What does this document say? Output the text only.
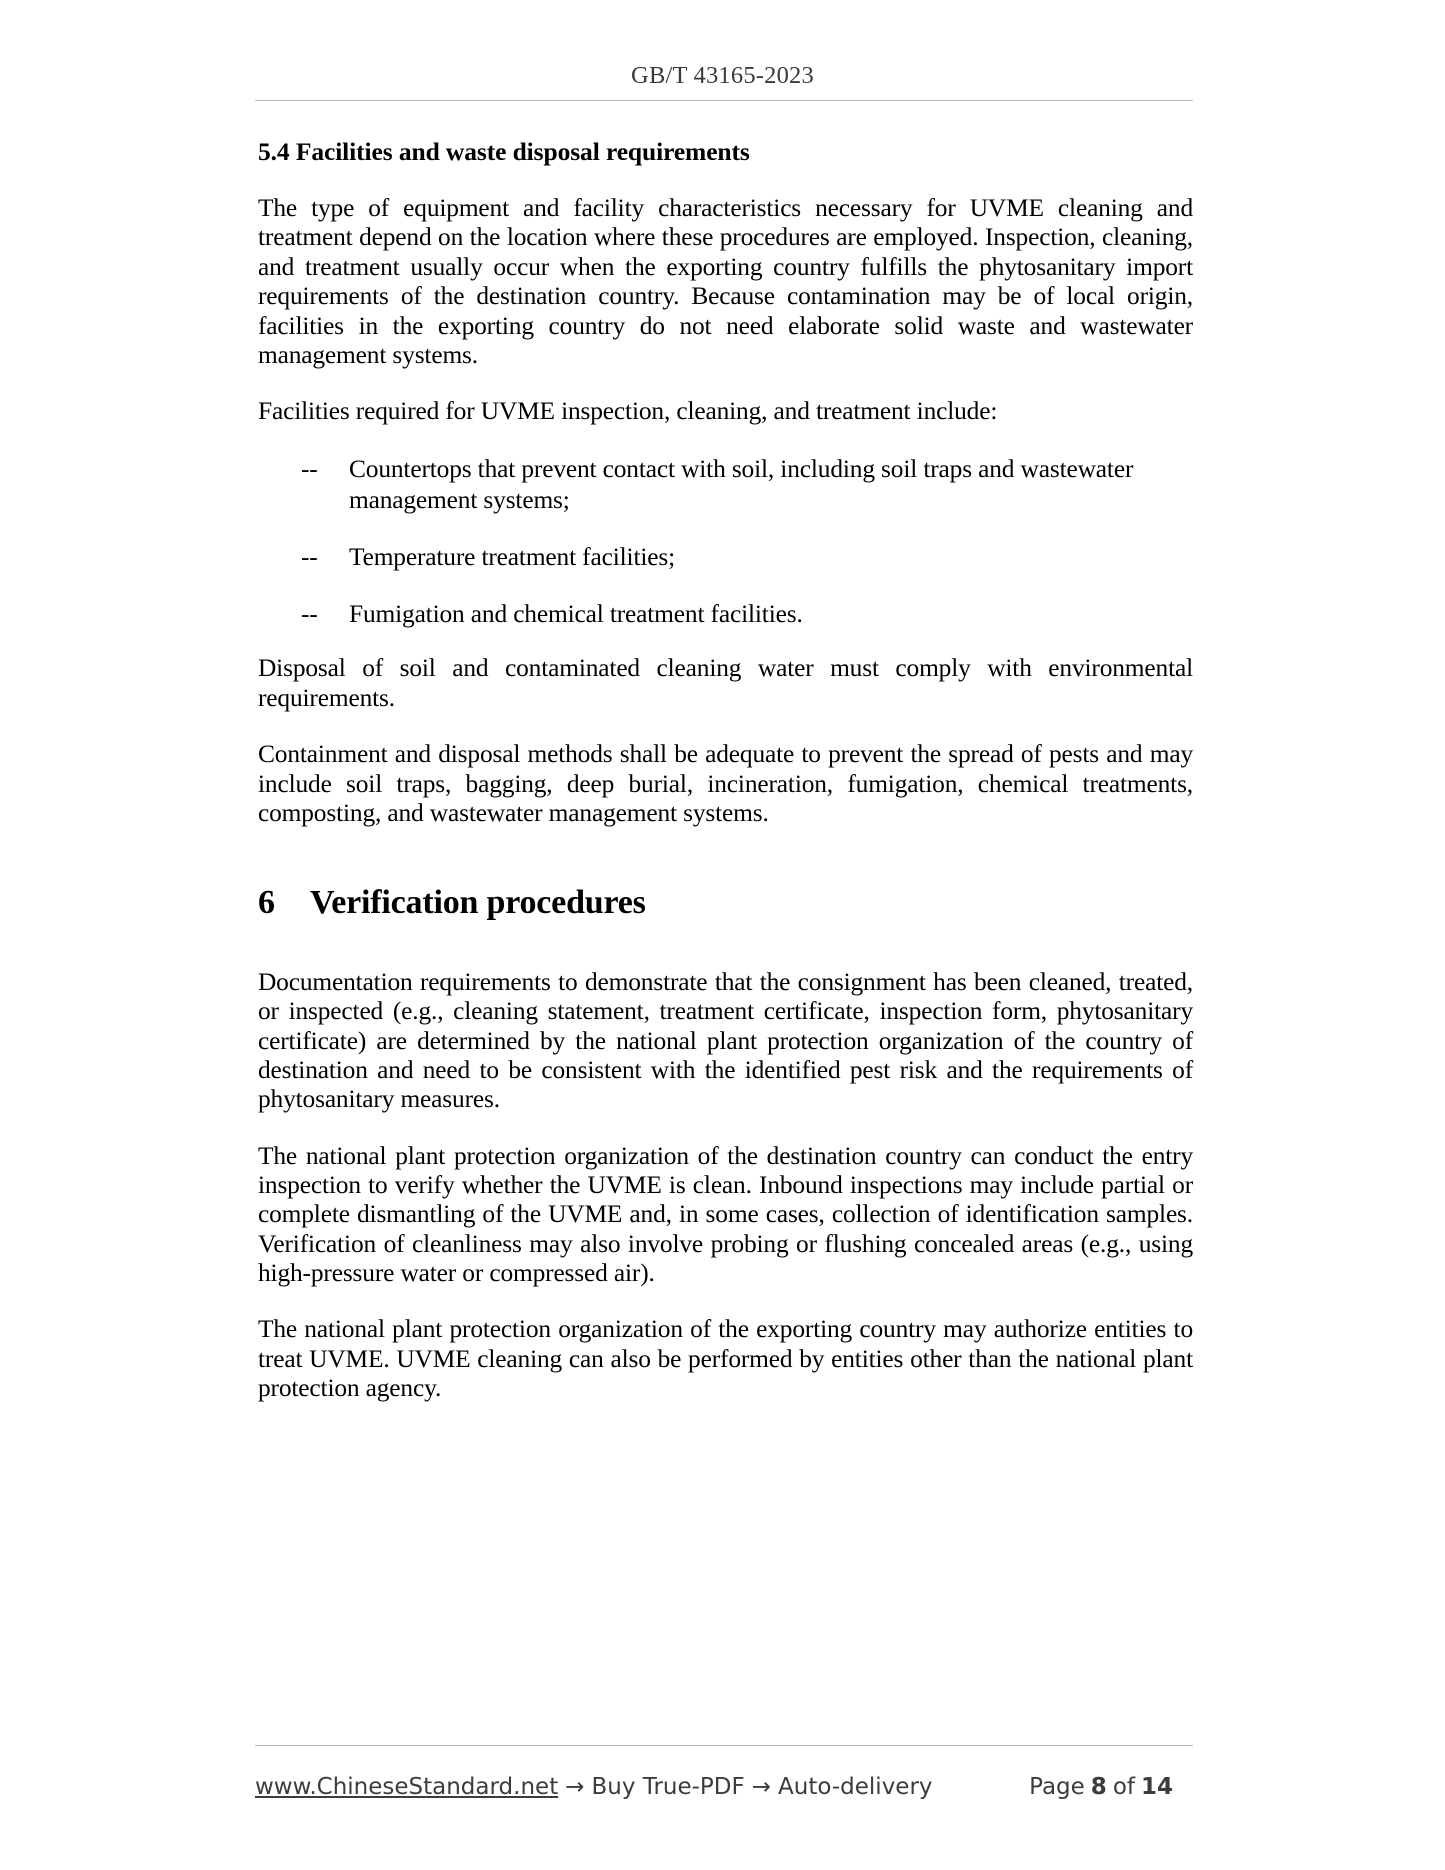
GB/T 43165-2023
5.4 Facilities and waste disposal requirements

The type of equipment and facility characteristics necessary for UVME cleaning and treatment depend on the location where these procedures are employed. Inspection, cleaning, and treatment usually occur when the exporting country fulfills the phytosanitary import requirements of the destination country. Because contamination may be of local origin, facilities in the exporting country do not need elaborate solid waste and wastewater management systems.

Facilities required for UVME inspection, cleaning, and treatment include:

-- Countertops that prevent contact with soil, including soil traps and wastewater management systems;
-- Temperature treatment facilities;
-- Fumigation and chemical treatment facilities.

Disposal of soil and contaminated cleaning water must comply with environmental requirements.

Containment and disposal methods shall be adequate to prevent the spread of pests and may include soil traps, bagging, deep burial, incineration, fumigation, chemical treatments, composting, and wastewater management systems.

6 Verification procedures

Documentation requirements to demonstrate that the consignment has been cleaned, treated, or inspected (e.g., cleaning statement, treatment certificate, inspection form, phytosanitary certificate) are determined by the national plant protection organization of the country of destination and need to be consistent with the identified pest risk and the requirements of phytosanitary measures.

The national plant protection organization of the destination country can conduct the entry inspection to verify whether the UVME is clean. Inbound inspections may include partial or complete dismantling of the UVME and, in some cases, collection of identification samples. Verification of cleanliness may also involve probing or flushing concealed areas (e.g., using high-pressure water or compressed air).

The national plant protection organization of the exporting country may authorize entities to treat UVME. UVME cleaning can also be performed by entities other than the national plant protection agency.

www.ChineseStandard.net → Buy True-PDF → Auto-delivery	Page 8 of 14
